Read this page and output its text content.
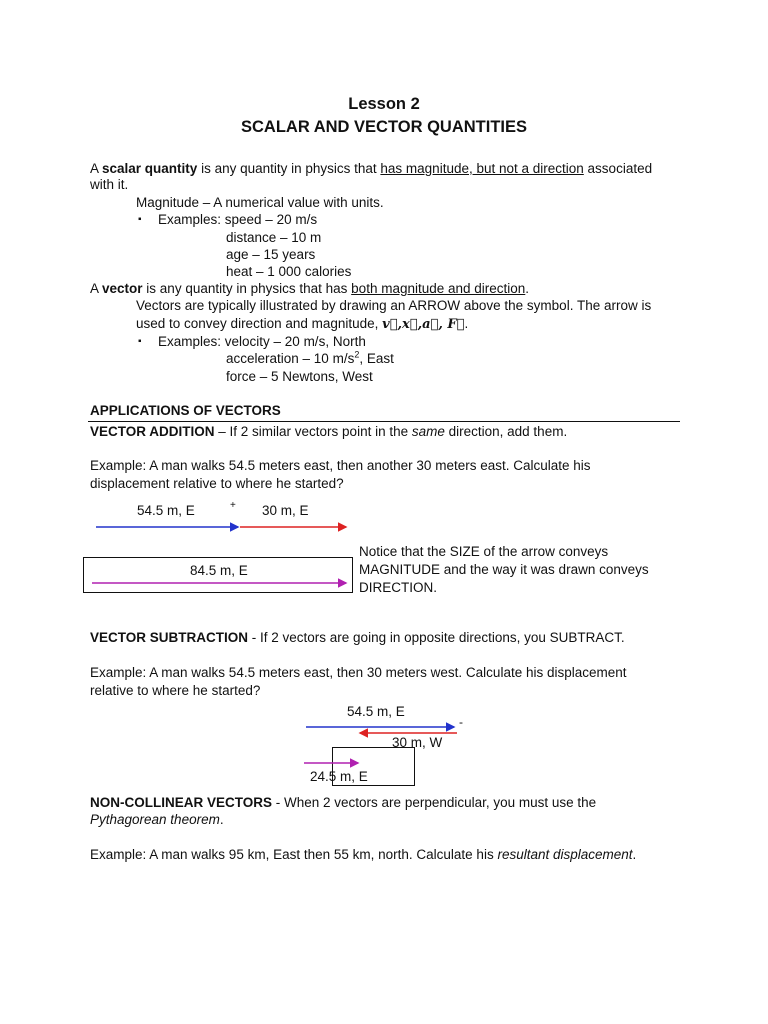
Lesson 2
SCALAR AND VECTOR QUANTITIES
A scalar quantity is any quantity in physics that has magnitude, but not a direction associated
with it.
Magnitude – A numerical value with units.
▪ Examples: speed – 20 m/s
distance – 10 m
age – 15 years
heat – 1 000 calories
A vector is any quantity in physics that has both magnitude and direction.
Vectors are typically illustrated by drawing an ARROW above the symbol. The arrow is
used to convey direction and magnitude, v⃗,x⃗,a⃗, F⃗.
▪ Examples: velocity – 20 m/s, North
acceleration – 10 $m/s^2$, East
force – 5 Newtons, West
APPLICATIONS OF VECTORS
VECTOR ADDITION – If 2 similar vectors point in the same direction, add them.
Example: A man walks 54.5 meters east, then another 30 meters east. Calculate his
displacement relative to where he started?
54.5 m, E	+ 30 m, E
84.5 m, E
Notice that the SIZE of the arrow conveys
MAGNITUDE and the way it was drawn conveys
DIRECTION.
VECTOR SUBTRACTION - If 2 vectors are going in opposite directions, you SUBTRACT.
Example: A man walks 54.5 meters east, then 30 meters west. Calculate his displacement
relative to where he started?
54.5 m, E
-
30 m, W
24.5 m, E
NON-COLLINEAR VECTORS - When 2 vectors are perpendicular, you must use the
Pythagorean theorem.
Example: A man walks 95 km, East then 55 km, north. Calculate his resultant displacement.
